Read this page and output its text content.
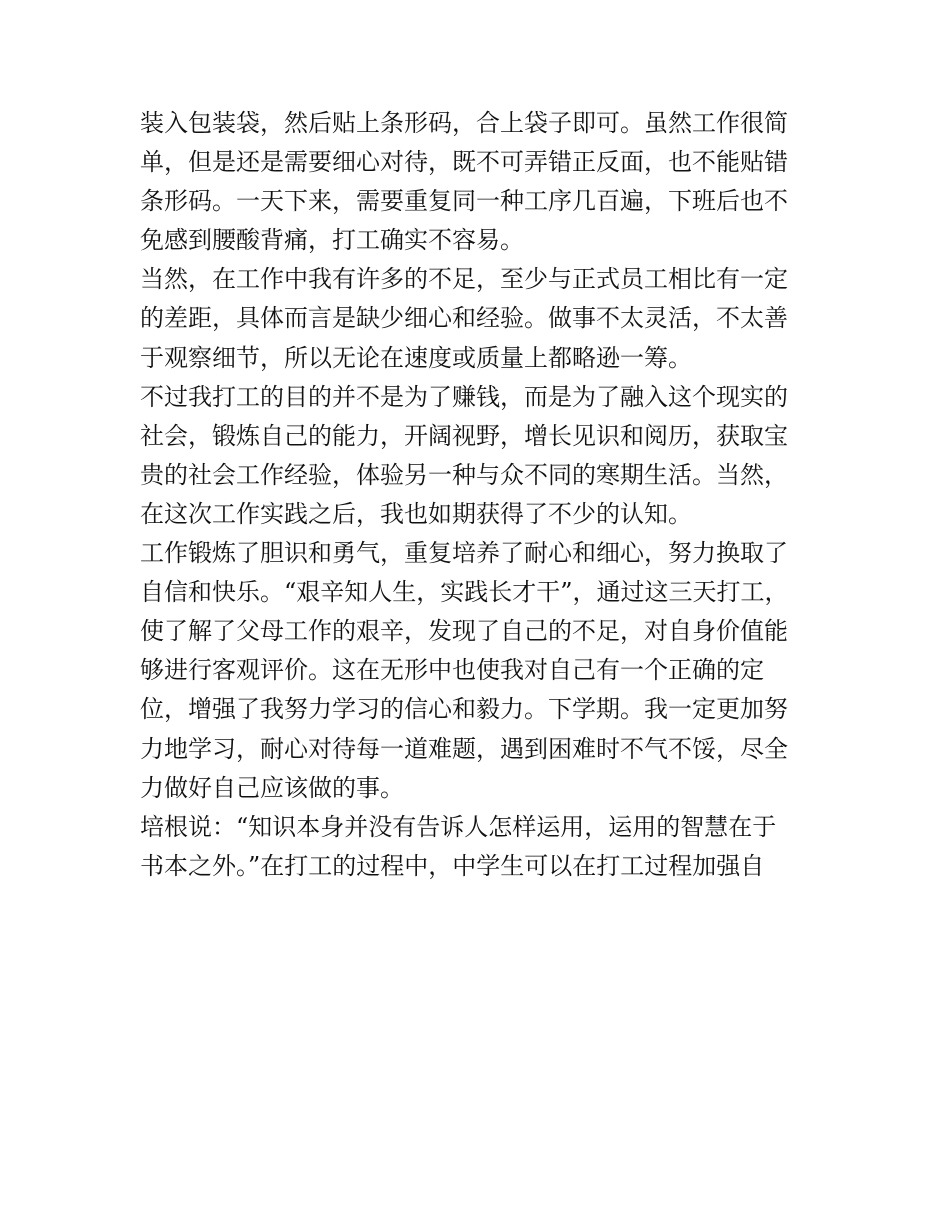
装入包装袋，然后贴上条形码，合上袋子即可。虽然工作很简
单，但是还是需要细心对待，既不可弄错正反面，也不能贴错
条形码。一天下来，需要重复同一种工序几百遍，下班后也不
免感到腰酸背痛，打工确实不容易。
当然，在工作中我有许多的不足，至少与正式员工相比有一定
的差距，具体而言是缺少细心和经验。做事不太灵活，不太善
于观察细节，所以无论在速度或质量上都略逊一筹。
不过我打工的目的并不是为了赚钱，而是为了融入这个现实的
社会，锻炼自己的能力，开阔视野，增长见识和阅历，获取宝
贵的社会工作经验，体验另一种与众不同的寒期生活。当然，
在这次工作实践之后，我也如期获得了不少的认知。
工作锻炼了胆识和勇气，重复培养了耐心和细心，努力换取了
自信和快乐。“艰辛知人生，实践长才干”，通过这三天打工，
使了解了父母工作的艰辛，发现了自己的不足，对自身价值能
够进行客观评价。这在无形中也使我对自己有一个正确的定
位，增强了我努力学习的信心和毅力。下学期。我一定更加努
力地学习，耐心对待每一道难题，遇到困难时不气不馁，尽全
力做好自己应该做的事。
培根说：“知识本身并没有告诉人怎样运用，运用的智慧在于
书本之外。”在打工的过程中，中学生可以在打工过程加强自
